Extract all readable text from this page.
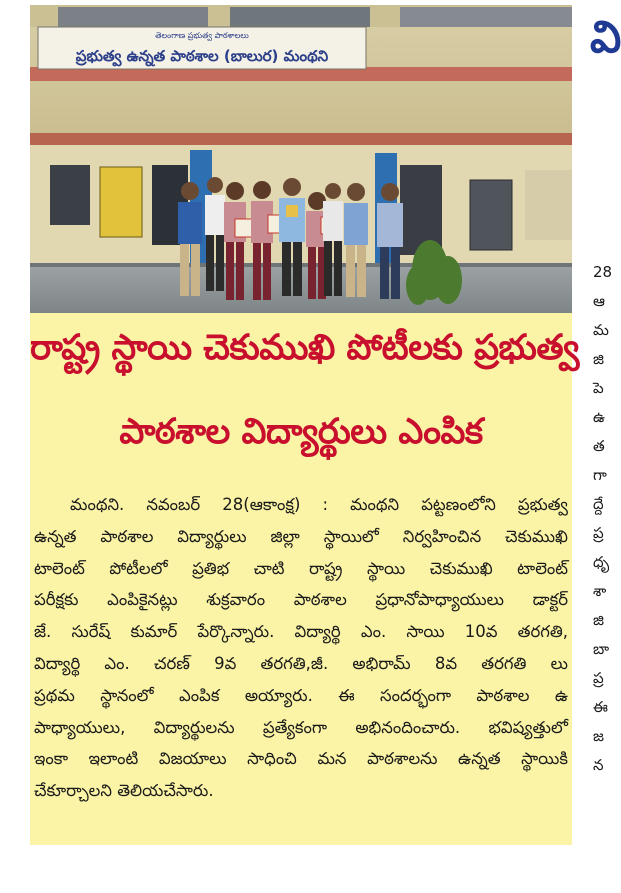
తెలంగాణ ప్రభుత్వ పాఠశాలలు
ప్రభుత్వ ఉన్నత పాఠశాల (బాలుర) మంథని
రాష్ట్ర స్థాయి చెకుముఖి పోటీలకు ప్రభుత్వ
పాఠశాల విద్యార్థులు ఎంపిక
మంథని. నవంబర్ 28(ఆకాంక్ష) : మంథని పట్టణంలోని ప్రభుత్వ
ఉన్నత పాఠశాల విద్యార్థులు జిల్లా స్థాయిలో నిర్వహించిన చెకుముఖి
టాలెంట్ పోటీలలో ప్రతిభ చాటి రాష్ట్ర స్థాయి చెకుముఖి టాలెంట్
పరీక్షకు ఎంపికైనట్లు శుక్రవారం పాఠశాల ప్రధానోపాధ్యాయులు డాక్టర్
జే. సురేష్ కుమార్ పేర్కొన్నారు. విద్యార్థి ఎం. సాయి 10వ తరగతి,
విద్యార్థి ఎం. చరణ్ 9వ తరగతి,జీ. అభిరామ్ 8వ తరగతి లు
ప్రథమ స్థానంలో ఎంపిక అయ్యారు. ఈ సందర్భంగా పాఠశాల ఉ
పాధ్యాయులు, విద్యార్థులను ప్రత్యేకంగా అభినందించారు. భవిష్యత్తులో
ఇంకా ఇలాంటి విజయాలు సాధించి మన పాఠశాలను ఉన్నత స్థాయికి
చేకూర్చాలని తెలియచేసారు.
వి
28
ఆ
మ
జి
పె
ఉ
త
గా
ద్దే
ప్ర
ధృ
శా
జి
బా
ప్ర
ఈ
జ
న
